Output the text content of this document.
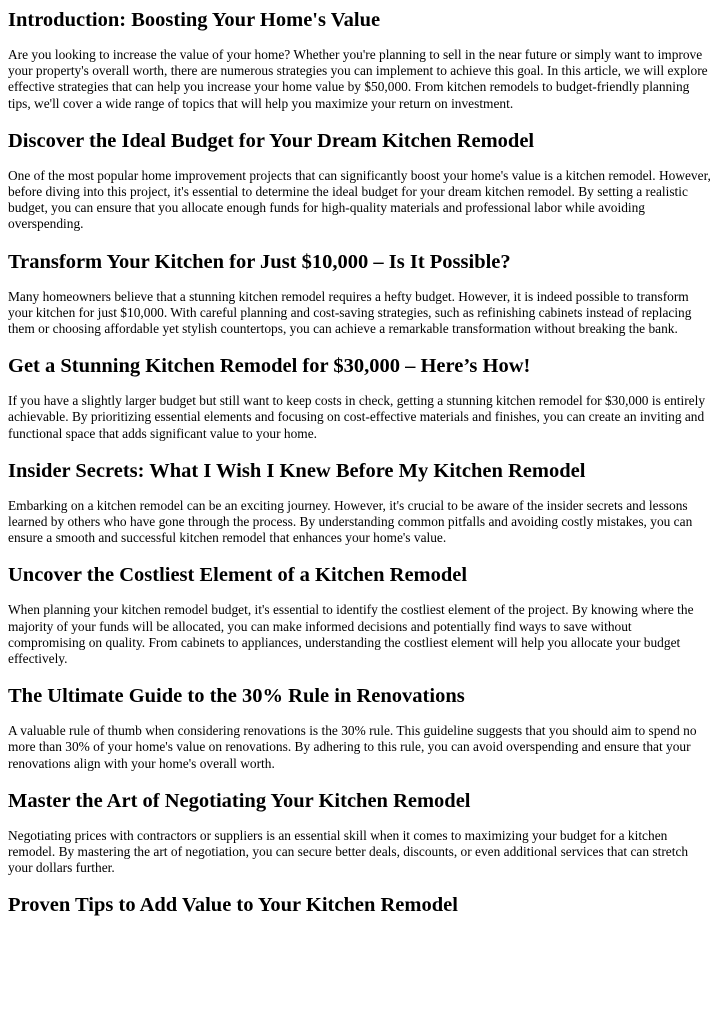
Introduction: Boosting Your Home's Value

Are you looking to increase the value of your home? Whether you're planning to sell in the near future or simply want to improve your property's overall worth, there are numerous strategies you can implement to achieve this goal. In this article, we will explore effective strategies that can help you increase your home value by $50,000. From kitchen remodels to budget-friendly planning tips, we'll cover a wide range of topics that will help you maximize your return on investment.

Discover the Ideal Budget for Your Dream Kitchen Remodel

One of the most popular home improvement projects that can significantly boost your home's value is a kitchen remodel. However, before diving into this project, it's essential to determine the ideal budget for your dream kitchen remodel. By setting a realistic budget, you can ensure that you allocate enough funds for high-quality materials and professional labor while avoiding overspending.

Transform Your Kitchen for Just $10,000 – Is It Possible?

Many homeowners believe that a stunning kitchen remodel requires a hefty budget. However, it is indeed possible to transform your kitchen for just $10,000. With careful planning and cost-saving strategies, such as refinishing cabinets instead of replacing them or choosing affordable yet stylish countertops, you can achieve a remarkable transformation without breaking the bank.

Get a Stunning Kitchen Remodel for $30,000 – Here’s How!

If you have a slightly larger budget but still want to keep costs in check, getting a stunning kitchen remodel for $30,000 is entirely achievable. By prioritizing essential elements and focusing on cost-effective materials and finishes, you can create an inviting and functional space that adds significant value to your home.

Insider Secrets: What I Wish I Knew Before My Kitchen Remodel

Embarking on a kitchen remodel can be an exciting journey. However, it's crucial to be aware of the insider secrets and lessons learned by others who have gone through the process. By understanding common pitfalls and avoiding costly mistakes, you can ensure a smooth and successful kitchen remodel that enhances your home's value.

Uncover the Costliest Element of a Kitchen Remodel

When planning your kitchen remodel budget, it's essential to identify the costliest element of the project. By knowing where the majority of your funds will be allocated, you can make informed decisions and potentially find ways to save without compromising on quality. From cabinets to appliances, understanding the costliest element will help you allocate your budget effectively.

The Ultimate Guide to the 30% Rule in Renovations

A valuable rule of thumb when considering renovations is the 30% rule. This guideline suggests that you should aim to spend no more than 30% of your home's value on renovations. By adhering to this rule, you can avoid overspending and ensure that your renovations align with your home's overall worth.

Master the Art of Negotiating Your Kitchen Remodel

Negotiating prices with contractors or suppliers is an essential skill when it comes to maximizing your budget for a kitchen remodel. By mastering the art of negotiation, you can secure better deals, discounts, or even additional services that can stretch your dollars further.

Proven Tips to Add Value to Your Kitchen Remodel
